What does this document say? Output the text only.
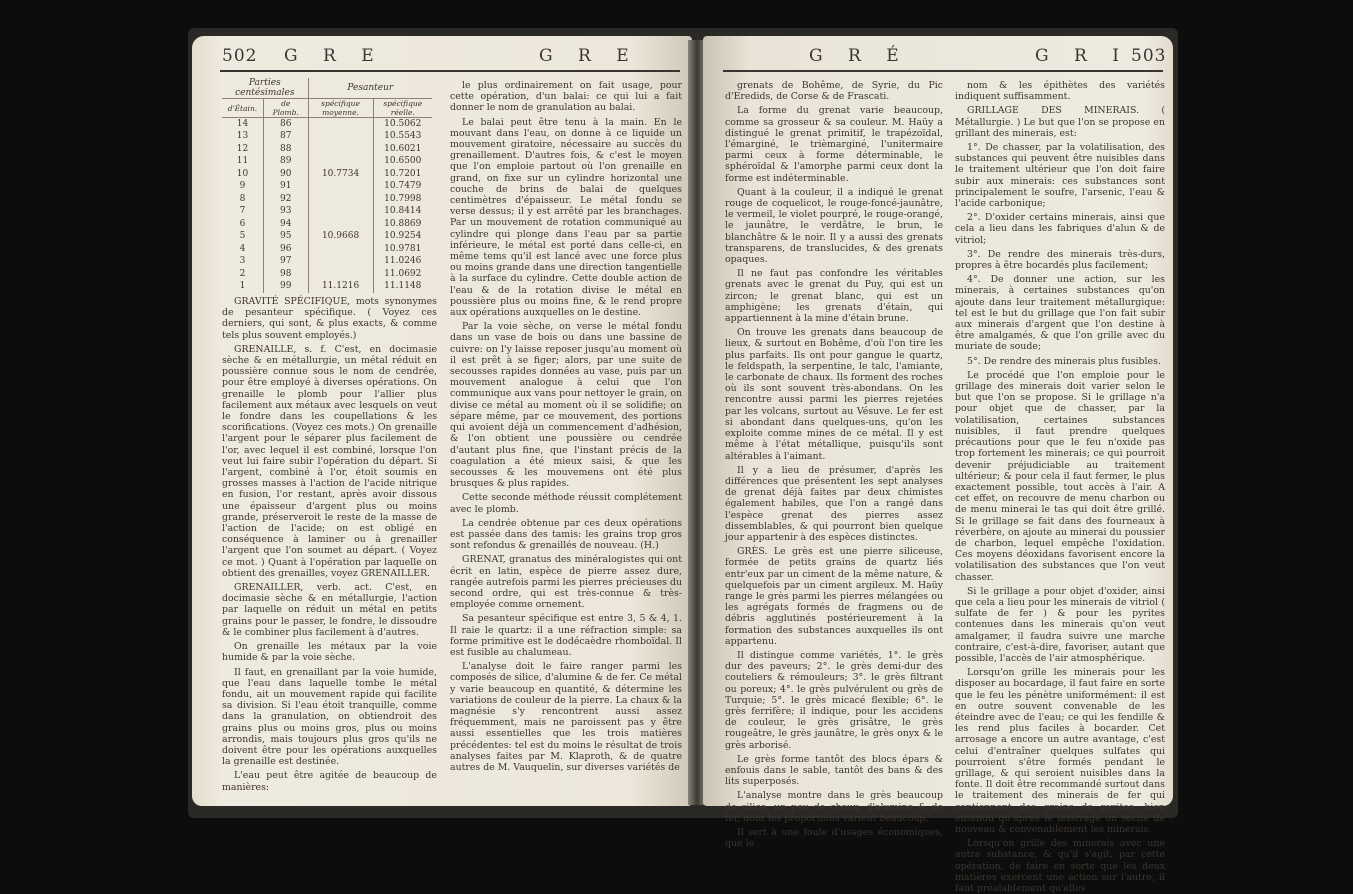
502 G R E	G R E
Parties centésimales		Pesanteur	
d'Étain.	de Plomb.	spécifique moyenne.	spécifique réelle.
14	86		10.5062
13	87		10.5543
12	88		10.6021
11	89		10.6500
10	90	10.7734	10.7201
9	91		10.7479
8	92		10.7998
7	93		10.8414
6	94		10.8869
5	95	10.9668	10.9254
4	96		10.9781
3	97		11.0246
2	98		11.0692
1	99	11.1216	11.1148

GRAVITÉ SPÉCIFIQUE, mots synonymes de pesanteur spécifique. ( Voyez ces derniers, qui sont, & plus exacts, & comme tels plus souvent employés.)

GRENAILLE, s. f. C'est, en docimasie sèche & en métallurgie, un métal réduit en poussière connue sous le nom de cendrée, pour être employé à diverses opérations. On grenaille le plomb pour l'allier plus facilement aux métaux avec lesquels on veut le fondre dans les coupellations & les scorifications. (Voyez ces mots.) On grenaille l'argent pour le séparer plus facilement de l'or, avec lequel il est combiné, lorsque l'on veut lui faire subir l'opération du départ. Si l'argent, combiné à l'or, étoit soumis en grosses masses à l'action de l'acide nitrique en fusion, l'or restant, après avoir dissous une épaisseur d'argent plus ou moins grande, préserveroit le reste de la masse de l'action de l'acide; on est obligé en conséquence à laminer ou à grenailler l'argent que l'on soumet au départ. ( Voyez ce mot. ) Quant à l'opération par laquelle on obtient des grenailles, voyez GRENAILLER.

GRENAILLER, verb. act. C'est, en docimasie sèche & en métallurgie, l'action par laquelle on réduit un métal en petits grains pour le passer, le fondre, le dissoudre & le combiner plus facilement à d'autres.

On grenaille les métaux par la voie humide & par la voie sèche.

Il faut, en grenaillant par la voie humide, que l'eau dans laquelle tombe le métal fondu, ait un mouvement rapide qui facilite sa division. Si l'eau étoit tranquille, comme dans la granulation, on obtiendroit des grains plus ou moins gros, plus ou moins arrondis, mais toujours plus gros qu'ils ne doivent être pour les opérations auxquelles la grenaille est destinée.

L'eau peut être agitée de beaucoup de manières:

le plus ordinairement on fait usage, pour cette opération, d'un balai: ce qui lui a fait donner le nom de granulation au balai.

Le balai peut être tenu à la main. En le mouvant dans l'eau, on donne à ce liquide un mouvement giratoire, nécessaire au succès du grenaillement. D'autres fois, & c'est le moyen que l'on emploie partout où l'on grenaille en grand, on fixe sur un cylindre horizontal une couche de brins de balai de quelques centimètres d'épaisseur. Le métal fondu se verse dessus; il y est arrêté par les branchages. Par un mouvement de rotation communiqué au cylindre qui plonge dans l'eau par sa partie inférieure, le métal est porté dans celle-ci, en même tems qu'il est lancé avec une force plus ou moins grande dans une direction tangentielle à la surface du cylindre. Cette double action de l'eau & de la rotation divise le métal en poussière plus ou moins fine, & le rend propre aux opérations auxquelles on le destine.

Par la voie sèche, on verse le métal fondu dans un vase de bois ou dans une bassine de cuivre: on l'y laisse reposer jusqu'au moment où il est prêt à se figer; alors, par une suite de secousses rapides données au vase, puis par un mouvement analogue à celui que l'on communique aux vans pour nettoyer le grain, on divise ce métal au moment où il se solidifie; on sépare même, par ce mouvement, des portions qui avoient déjà un commencement d'adhésion, & l'on obtient une poussière ou cendrée d'autant plus fine, que l'instant précis de la coagulation a été mieux saisi, & que les secousses & les mouvemens ont été plus brusques & plus rapides.

Cette seconde méthode réussit complétement avec le plomb.

La cendrée obtenue par ces deux opérations est passée dans des tamis: les grains trop gros sont refondus & grenaillés de nouveau. (H.)

GRENAT, granatus des minéralogistes qui ont écrit en latin, espèce de pierre assez dure, rangée autrefois parmi les pierres précieuses du second ordre, qui est très-connue & très-employée comme ornement.

Sa pesanteur spécifique est entre 3, 5 & 4, 1. Il raie le quartz: il a une réfraction simple: sa forme primitive est le dodécaèdre rhomboïdal. Il est fusible au chalumeau.

L'analyse doit le faire ranger parmi les composés de silice, d'alumine & de fer. Ce métal y varie beaucoup en quantité, & détermine les variations de couleur de la pierre. La chaux & la magnésie s'y rencontrent aussi assez fréquemment, mais ne paroissent pas y être aussi essentielles que les trois matières précédentes: tel est du moins le résultat de trois analyses faites par M. Klaproth, & de quatre autres de M. Vauquelin, sur diverses variétés de

G R É	G R I 503

grenats de Bohême, de Syrie, du Pic d'Eredids, de Corse & de Frascati.

La forme du grenat varie beaucoup, comme sa grosseur & sa couleur. M. Haüy a distingué le grenat primitif, le trapézoïdal, l'émarginé, le trièmarginé, l'unitermaire parmi ceux à forme déterminable, le sphéroïdal & l'amorphe parmi ceux dont la forme est indéterminable.

Quant à la couleur, il a indiqué le grenat rouge de coquelicot, le rouge-foncé-jaunâtre, le vermeil, le violet pourpré, le rouge-orangé, le jaunâtre, le verdâtre, le brun, le blanchâtre & le noir. Il y a aussi des grenats transparens, de translucides, & des grenats opaques.

Il ne faut pas confondre les véritables grenats avec le grenat du Puy, qui est un zircon; le grenat blanc, qui est un amphigène; les grenats d'étain, qui appartiennent à la mine d'étain brune.

On trouve les grenats dans beaucoup de lieux, & surtout en Bohême, d'où l'on tire les plus parfaits. Ils ont pour gangue le quartz, le feldspath, la serpentine, le talc, l'amiante, le carbonate de chaux. Ils forment des roches où ils sont souvent très-abondans. On les rencontre aussi parmi les pierres rejetées par les volcans, surtout au Vésuve. Le fer est si abondant dans quelques-uns, qu'on les exploite comme mines de ce métal. Il y est même à l'état métallique, puisqu'ils sont altérables à l'aimant.

Il y a lieu de présumer, d'après les différences que présentent les sept analyses de grenat déjà faites par deux chimistes également habiles, que l'on a rangé dans l'espèce grenat des pierres assez dissemblables, & qui pourront bien quelque jour appartenir à des espèces distinctes.

GRÈS. Le grès est une pierre siliceuse, formée de petits grains de quartz liés entr'eux par un ciment de la même nature, & quelquefois par un ciment argileux. M. Haüy range le grès parmi les pierres mélangées ou les agrégats formés de fragmens ou de débris agglutinés postérieurement à la formation des substances auxquelles ils ont appartenu.

Il distingue comme variétés, 1°. le grès dur des paveurs; 2°. le grès demi-dur des couteliers & rémouleurs; 3°. le grès filtrant ou poreux; 4°. le grès pulvérulent ou grès de Turquie; 5°. le grès micacé flexible; 6°. le grès ferrifère; il indique, pour les accidens de couleur, le grès grisâtre, le grès rougeâtre, le grès jaunâtre, le grès onyx & le grès arborisé.

Le grès forme tantôt des blocs épars & enfouis dans le sable, tantôt des bans & des lits superposés.

L'analyse montre dans le grès beaucoup de silice, un peu de chaux, d'alumine & de fer, dont les proportions varient beaucoup.

Il sert à une foule d'usages économiques, que le

nom & les épithètes des variétés indiquent suffisamment.

GRILLAGE DES MINERAIS. ( Métallurgie. ) Le but que l'on se propose en grillant des minerais, est:

1°. De chasser, par la volatilisation, des substances qui peuvent être nuisibles dans le traitement ultérieur que l'on doit faire subir aux minerais: ces substances sont principalement le soufre, l'arsenic, l'eau & l'acide carbonique;

2°. D'oxider certains minerais, ainsi que cela a lieu dans les fabriques d'alun & de vitriol;

3°. De rendre des minerais très-durs, propres à être bocardés plus facilement;

4°. De donner une action, sur les minerais, à certaines substances qu'on ajoute dans leur traitement métallurgique: tel est le but du grillage que l'on fait subir aux minerais d'argent que l'on destine à être amalgamés, & que l'on grille avec du muriate de soude;

5°. De rendre des minerais plus fusibles.

Le procédé que l'on emploie pour le grillage des minerais doit varier selon le but que l'on se propose. Si le grillage n'a pour objet que de chasser, par la volatilisation, certaines substances nuisibles, il faut prendre quelques précautions pour que le feu n'oxide pas trop fortement les minerais; ce qui pourroit devenir préjudiciable au traitement ultérieur; & pour cela il faut fermer, le plus exactement possible, tout accès à l'air. A cet effet, on recouvre de menu charbon ou de menu minerai le tas qui doit être grillé. Si le grillage se fait dans des fourneaux à réverbère, on ajoute au minerai du poussier de charbon, lequel empêche l'oxidation. Ces moyens déoxidans favorisent encore la volatilisation des substances que l'on veut chasser.

Si le grillage a pour objet d'oxider, ainsi que cela a lieu pour les minerais de vitriol ( sulfate de fer ) & pour les pyrites contenues dans les minerais qu'on veut amalgamer, il faudra suivre une marche contraire, c'est-à-dire, favoriser, autant que possible, l'accès de l'air atmosphérique.

Lorsqu'on grille les minerais pour les disposer au bocardage, il faut faire en sorte que le feu les pénètre uniformément: il est en outre souvent convenable de les éteindre avec de l'eau; ce qui les fendille & les rend plus faciles à bocarder. Cet arrosage a encore un autre avantage, c'est celui d'entraîner quelques sulfates qui pourroient s'être formés pendant le grillage, & qui seroient nuisibles dans la fonte. Il doit être recommandé surtout dans le traitement des minerais de fer qui contiennent des grains de pyrites, bien entendu qu'après le lessivage on sèche de nouveau & convenablement les minerais.

Lorsqu'on grille des minerais avec une autre substance, & qu'il s'agit, par cette opération, de faire en sorte que les deux matières exercent une action sur l'autre, il faut préalablement qu'elles
